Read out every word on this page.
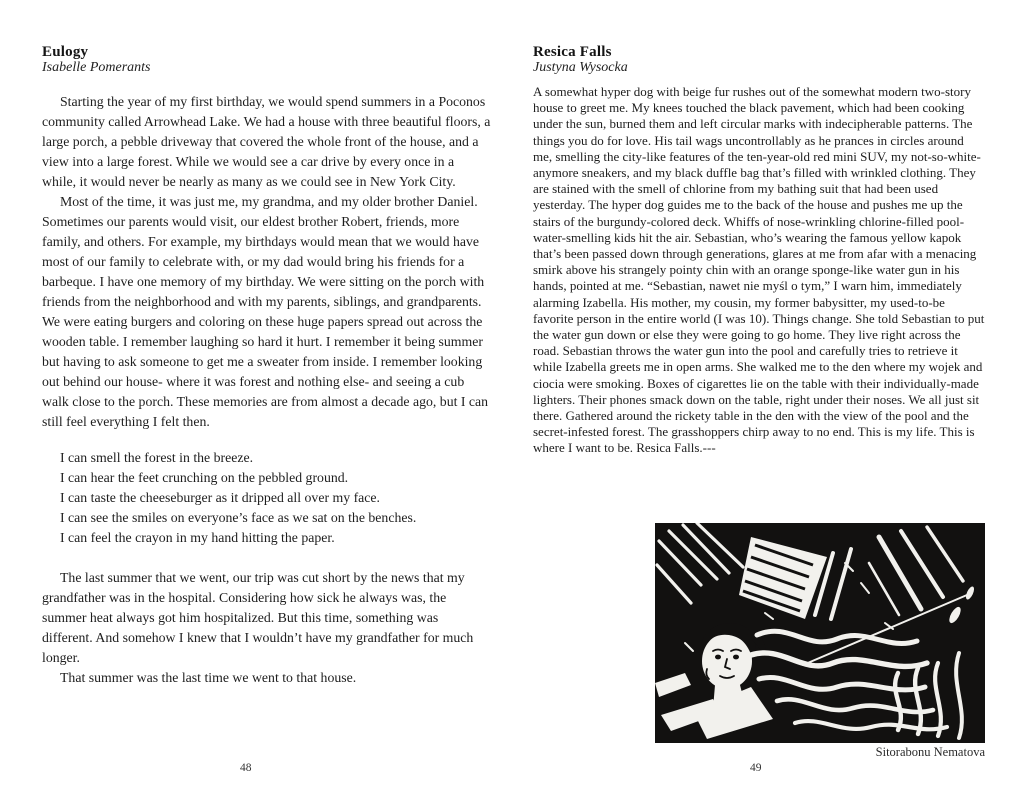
Eulogy
Isabelle Pomerants

Starting the year of my first birthday, we would spend summers in a Poconos community called Arrowhead Lake. We had a house with three beautiful floors, a large porch, a pebble driveway that covered the whole front of the house, and a view into a large forest. While we would see a car drive by every once in a while, it would never be nearly as many as we could see in New York City.

Most of the time, it was just me, my grandma, and my older brother Daniel. Sometimes our parents would visit, our eldest brother Robert, friends, more family, and others. For example, my birthdays would mean that we would have most of our family to celebrate with, or my dad would bring his friends for a barbeque. I have one memory of my birthday. We were sitting on the porch with friends from the neighborhood and with my parents, siblings, and grandparents. We were eating burgers and coloring on these huge papers spread out across the wooden table. I remember laughing so hard it hurt. I remember it being summer but having to ask someone to get me a sweater from inside. I remember looking out behind our house- where it was forest and nothing else- and seeing a cub walk close to the porch. These memories are from almost a decade ago, but I can still feel everything I felt then.

I can smell the forest in the breeze.
I can hear the feet crunching on the pebbled ground.
I can taste the cheeseburger as it dripped all over my face.
I can see the smiles on everyone’s face as we sat on the benches.
I can feel the crayon in my hand hitting the paper.

The last summer that we went, our trip was cut short by the news that my grandfather was in the hospital. Considering how sick he always was, the summer heat always got him hospitalized. But this time, something was different. And somehow I knew that I wouldn’t have my grandfather for much longer.

That summer was the last time we went to that house.

Resica Falls
Justyna Wysocka

A somewhat hyper dog with beige fur rushes out of the somewhat modern two-story house to greet me. My knees touched the black pavement, which had been cooking under the sun, burned them and left circular marks with indecipherable patterns. The things you do for love. His tail wags uncontrollably as he prances in circles around me, smelling the city-like features of the ten-year-old red mini SUV, my not-so-white-anymore sneakers, and my black duffle bag that’s filled with wrinkled clothing. They are stained with the smell of chlorine from my bathing suit that had been used yesterday. The hyper dog guides me to the back of the house and pushes me up the stairs of the burgundy-colored deck. Whiffs of nose-wrinkling chlorine-filled pool-water-smelling kids hit the air. Sebastian, who’s wearing the famous yellow kapok that’s been passed down through generations, glares at me from afar with a menacing smirk above his strangely pointy chin with an orange sponge-like water gun in his hands, pointed at me. “Sebastian, nawet nie myśl o tym,” I warn him, immediately alarming Izabella. His mother, my cousin, my former babysitter, my used-to-be favorite person in the entire world (I was 10). Things change. She told Sebastian to put the water gun down or else they were going to go home. They live right across the road. Sebastian throws the water gun into the pool and carefully tries to retrieve it while Izabella greets me in open arms. She walked me to the den where my wojek and ciocia were smoking. Boxes of cigarettes lie on the table with their individually-made lighters. Their phones smack down on the table, right under their noses. We all just sit there. Gathered around the rickety table in the den with the view of the pool and the secret-infested forest. The grasshoppers chirp away to no end. This is my life. This is where I want to be. Resica Falls.---

Sitorabonu Nematova
48	49
